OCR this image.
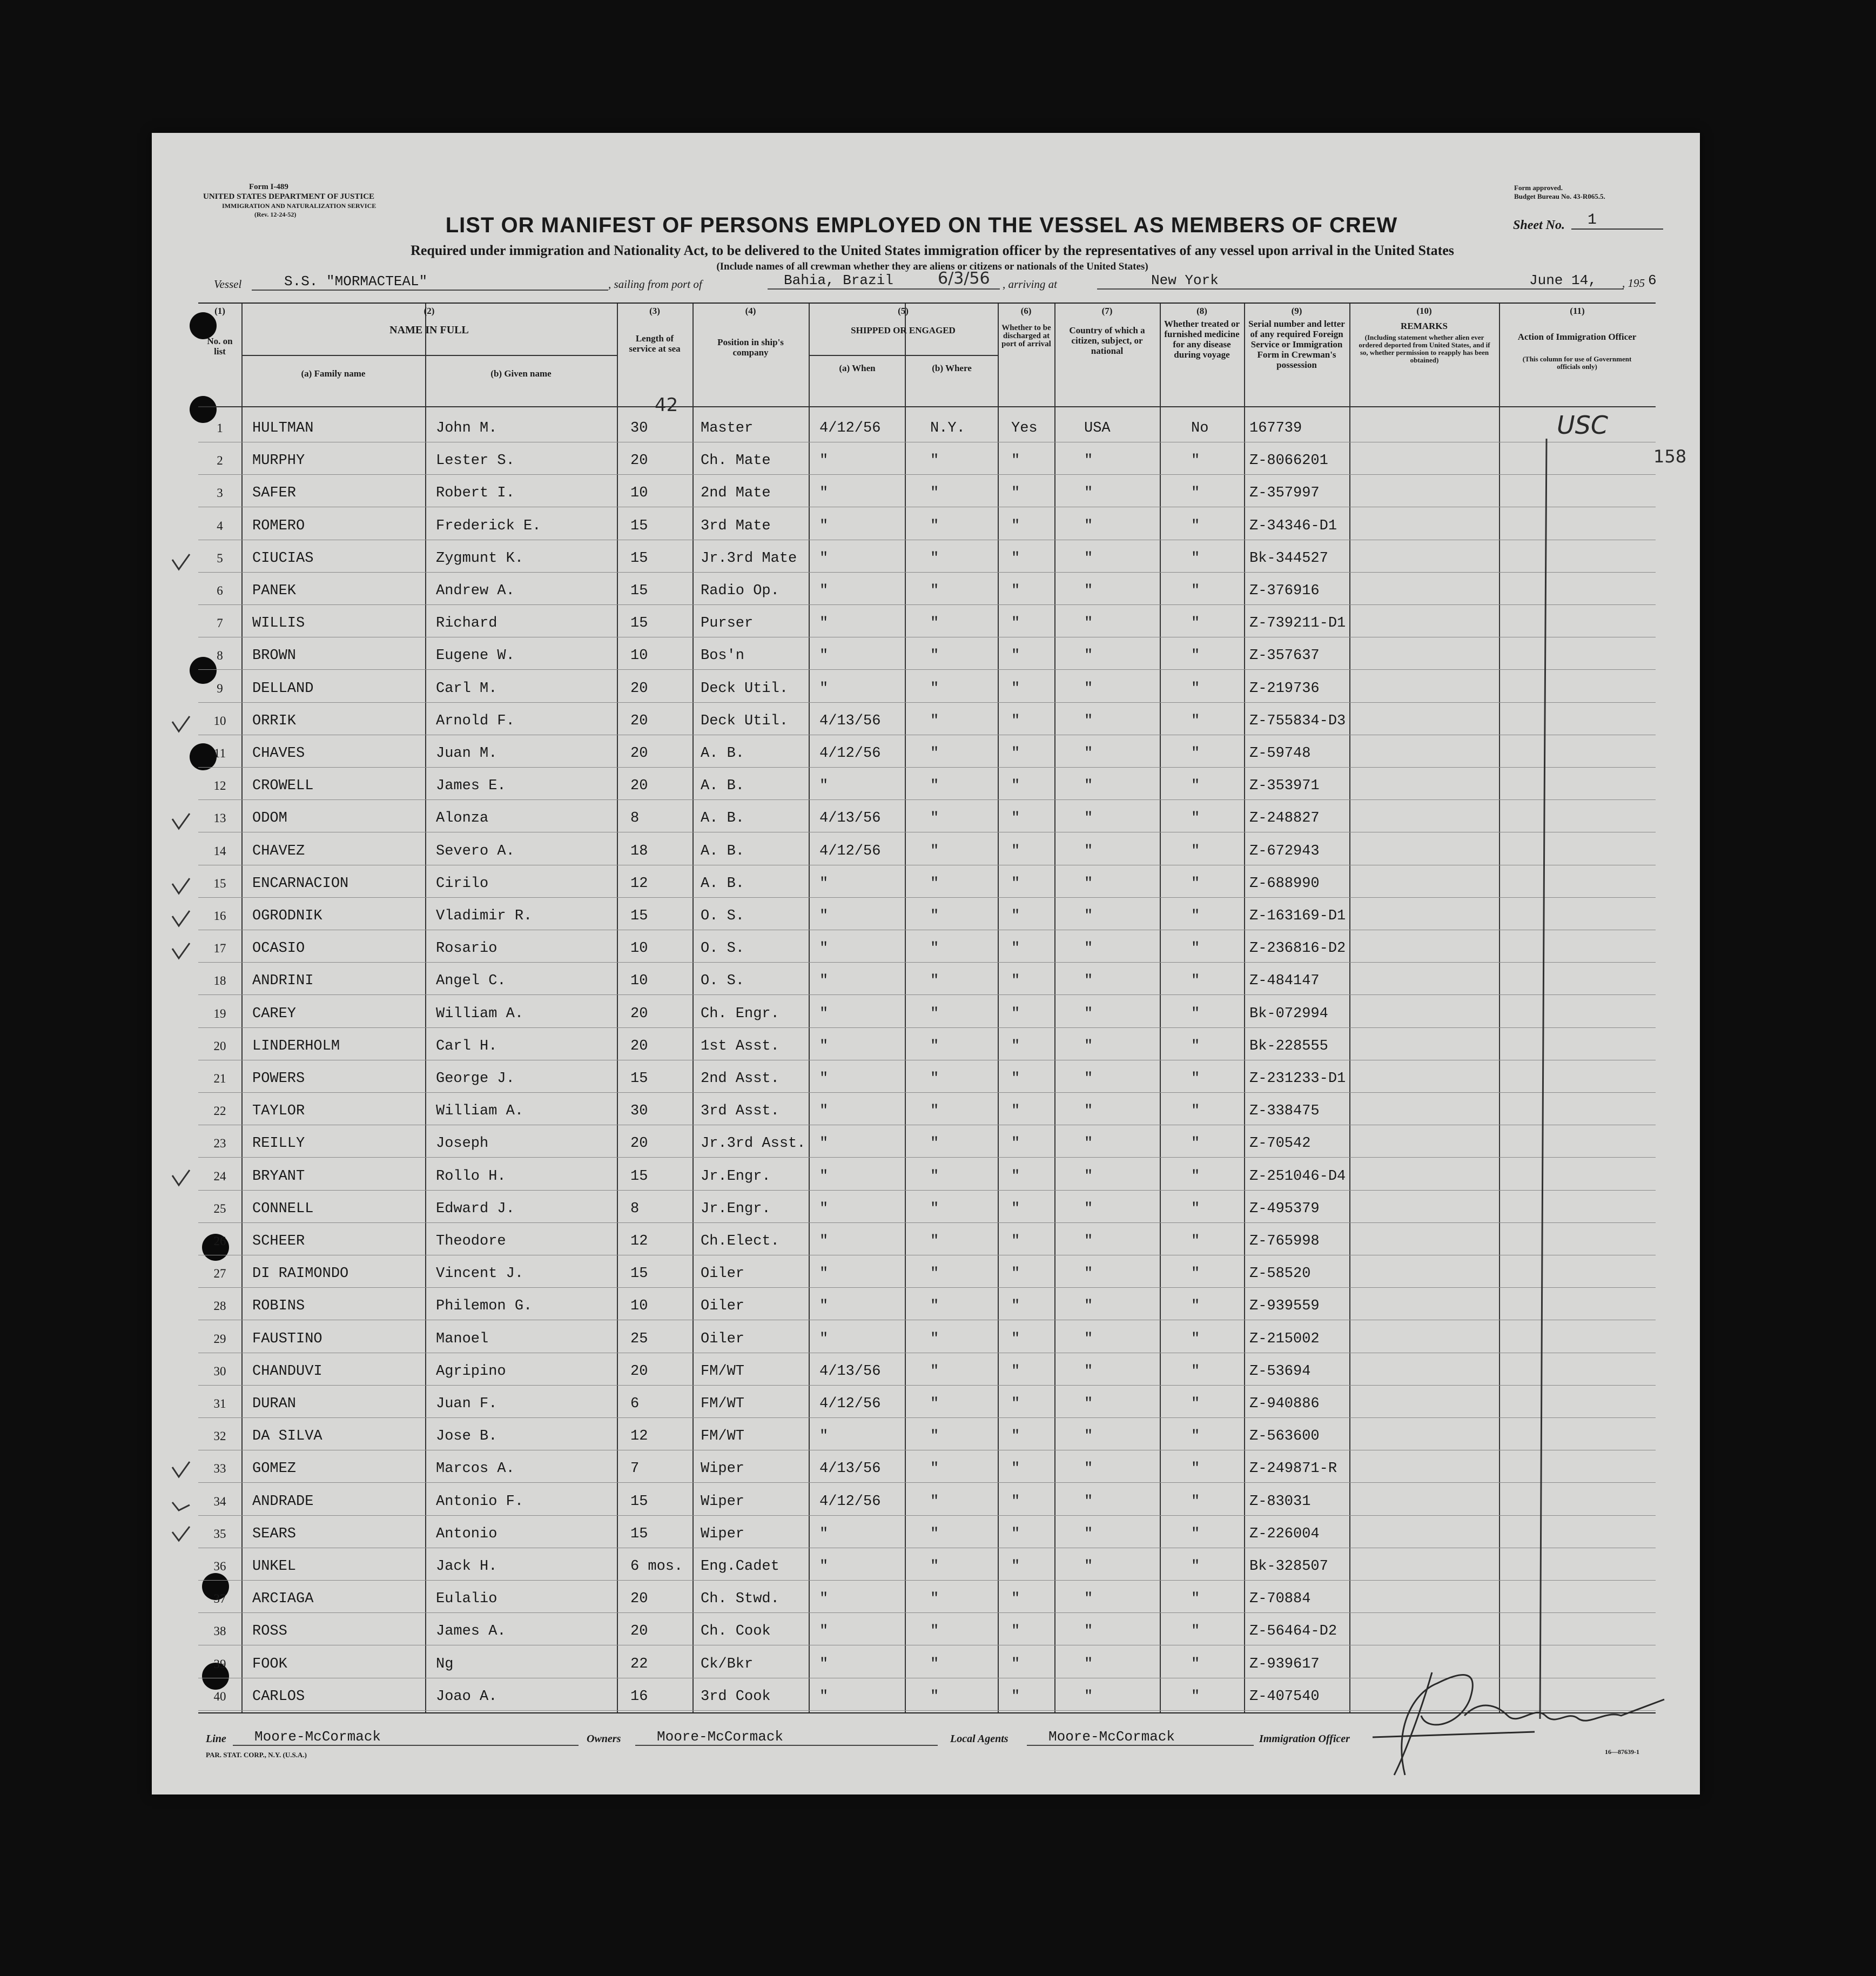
Form I-489
UNITED STATES DEPARTMENT OF JUSTICE
IMMIGRATION AND NATURALIZATION SERVICE
(Rev. 12-24-52)
Form approved.
Budget Bureau No. 43-R065.5.
LIST OR MANIFEST OF PERSONS EMPLOYED ON THE VESSEL AS MEMBERS OF CREW	Sheet No.	1
Required under immigration and Nationality Act, to be delivered to the United States immigration officer by the representatives of any vessel upon arrival in the United States
(Include names of all crewman whether they are aliens or citizens or nationals of the United States)
Vessel	S.S. "MORMACTEAL"	, sailing from port of	Bahia, Brazil	6/3/56 , arriving at	New York	June 14,	, 195 6
(1)
No. on list
(2)
NAME IN FULL
(a) Family name	(b) Given name
(3)
Length of service at sea
(4)
Position in ship's company
(5)
SHIPPED OR ENGAGED
(a) When	(b) Where
(6)
Whether to be discharged at port of arrival
(7)
Country of which a citizen, subject, or national
(8)
Whether treated or furnished medicine for any disease during voyage
(9)
Serial number and letter of any required Foreign Service or Immigration Form in Crewman's possession
(10)
REMARKS
(Including statement whether alien ever ordered deported from United States, and if so, whether permission to reapply has been obtained)
(11)
Action of Immigration Officer
(This column for use of Government officials only)
1	HULTMAN	John M.	30	Master	4/12/56	N.Y.	Yes	USA	No	167739
2	MURPHY	Lester S.	20	Ch. Mate	"	"	"	"	"	Z-8066201
3	SAFER	Robert I.	10	2nd Mate	"	"	"	"	"	Z-357997
4	ROMERO	Frederick E.	15	3rd Mate	"	"	"	"	"	Z-34346-D1
5	CIUCIAS	Zygmunt K.	15	Jr.3rd Mate "	"	"	"	"	Bk-344527
6	PANEK	Andrew A.	15	Radio Op.	"	"	"	"	"	Z-376916
7	WILLIS	Richard	15	Purser	"	"	"	"	"	Z-739211-D1
8	BROWN	Eugene W.	10	Bos'n	"	"	"	"	"	Z-357637
9	DELLAND	Carl M.	20	Deck Util. "	"	"	"	"	Z-219736
10	ORRIK	Arnold F.	20	Deck Util. 4/13/56	"	"	"	"	Z-755834-D3
11	CHAVES	Juan M.	20	A. B.	4/12/56	"	"	"	"	Z-59748
12	CROWELL	James E.	20	A. B.	"	"	"	"	"	Z-353971
13	ODOM	Alonza	8	A. B.	4/13/56	"	"	"	"	Z-248827
14	CHAVEZ	Severo A.	18	A. B.	4/12/56	"	"	"	"	Z-672943
15	ENCARNACION	Cirilo	12	A. B.	"	"	"	"	"	Z-688990
16	OGRODNIK	Vladimir R.	15	O. S.	"	"	"	"	"	Z-163169-D1
17	OCASIO	Rosario	10	O. S.	"	"	"	"	"	Z-236816-D2
18	ANDRINI	Angel C.	10	O. S.	"	"	"	"	"	Z-484147
19	CAREY	William A.	20	Ch. Engr.	"	"	"	"	"	Bk-072994
20	LINDERHOLM	Carl H.	20	1st Asst.	"	"	"	"	"	Bk-228555
21	POWERS	George J.	15	2nd Asst.	"	"	"	"	"	Z-231233-D1
22	TAYLOR	William A.	30	3rd Asst.	"	"	"	"	"	Z-338475
23	REILLY	Joseph	20	Jr.3rd Asst. "	"	"	"	"	Z-70542
24	BRYANT	Rollo H.	15	Jr.Engr.	"	"	"	"	"	Z-251046-D4
25	CONNELL	Edward J.	8	Jr.Engr.	"	"	"	"	"	Z-495379
26	SCHEER	Theodore	12	Ch.Elect.	"	"	"	"	"	Z-765998
27	DI RAIMONDO	Vincent J.	15	Oiler	"	"	"	"	"	Z-58520
28	ROBINS	Philemon G.	10	Oiler	"	"	"	"	"	Z-939559
29	FAUSTINO	Manoel	25	Oiler	"	"	"	"	"	Z-215002
30	CHANDUVI	Agripino	20	FM/WT	4/13/56	"	"	"	"	Z-53694
31	DURAN	Juan F.	6	FM/WT	4/12/56	"	"	"	"	Z-940886
32	DA SILVA	Jose B.	12	FM/WT	"	"	"	"	"	Z-563600
33	GOMEZ	Marcos A.	7	Wiper	4/13/56	"	"	"	"	Z-249871-R
34	ANDRADE	Antonio F.	15	Wiper	4/12/56	"	"	"	"	Z-83031
35	SEARS	Antonio	15	Wiper	"	"	"	"	"	Z-226004
36	UNKEL	Jack H.	6 mos. Eng.Cadet	"	"	"	"	"	Bk-328507
37	ARCIAGA	Eulalio	20	Ch. Stwd.	"	"	"	"	"	Z-70884
38	ROSS	James A.	20	Ch. Cook	"	"	"	"	"	Z-56464-D2
39	FOOK	Ng	22	Ck/Bkr	"	"	"	"	"	Z-939617
40	CARLOS	Joao A.	16	3rd Cook	"	"	"	"	"	Z-407540
42
USC
158
Line	Moore-McCormack	Owners	Moore-McCormack	Local Agents	Moore-McCormack	Immigration Officer
PAR. STAT. CORP., N.Y. (U.S.A.)	16—87639-1
